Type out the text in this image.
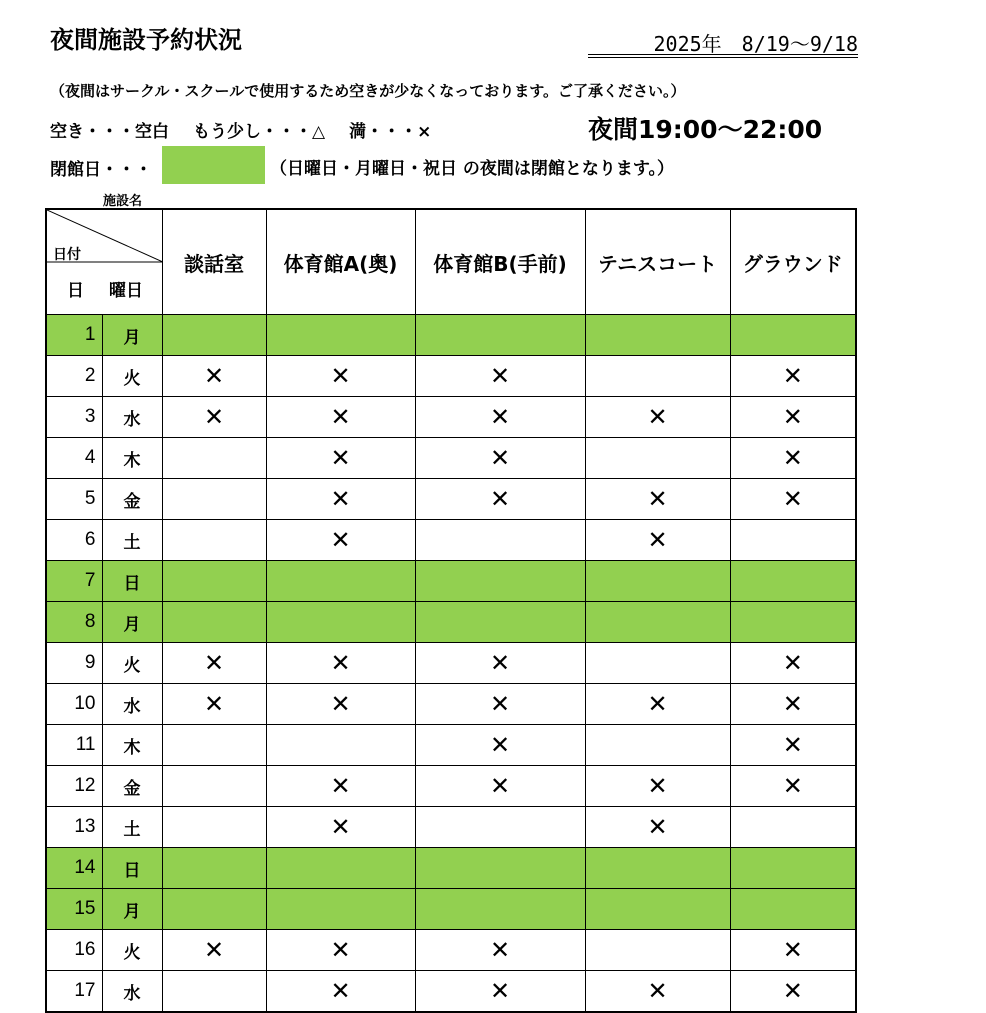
夜間施設予約状況	2025年　8/19〜9/18
（夜間はサークル・スクールで使用するため空きが少なくなっております。ご了承ください。）
空き・・・空白 もう少し・・・△ 満・・・×	夜間19:00〜22:00
閉館日・・・	（日曜日・月曜日・祝日 の夜間は閉館となります。）
施設名
日付
日 曜日		談話室	体育館A(奥)	体育館B(手前)	テニスコート	グラウンド
1	月					
2	火	✕	✕	✕		✕
3	水	✕	✕	✕	✕	✕
4	木		✕	✕		✕
5	金		✕	✕	✕	✕
6	土		✕		✕	
7	日					
8	月					
9	火	✕	✕	✕		✕
10	水	✕	✕	✕	✕	✕
11	木			✕		✕
12	金		✕	✕	✕	✕
13	土		✕		✕	
14	日					
15	月					
16	火	✕	✕	✕		✕
17	水		✕	✕	✕	✕
